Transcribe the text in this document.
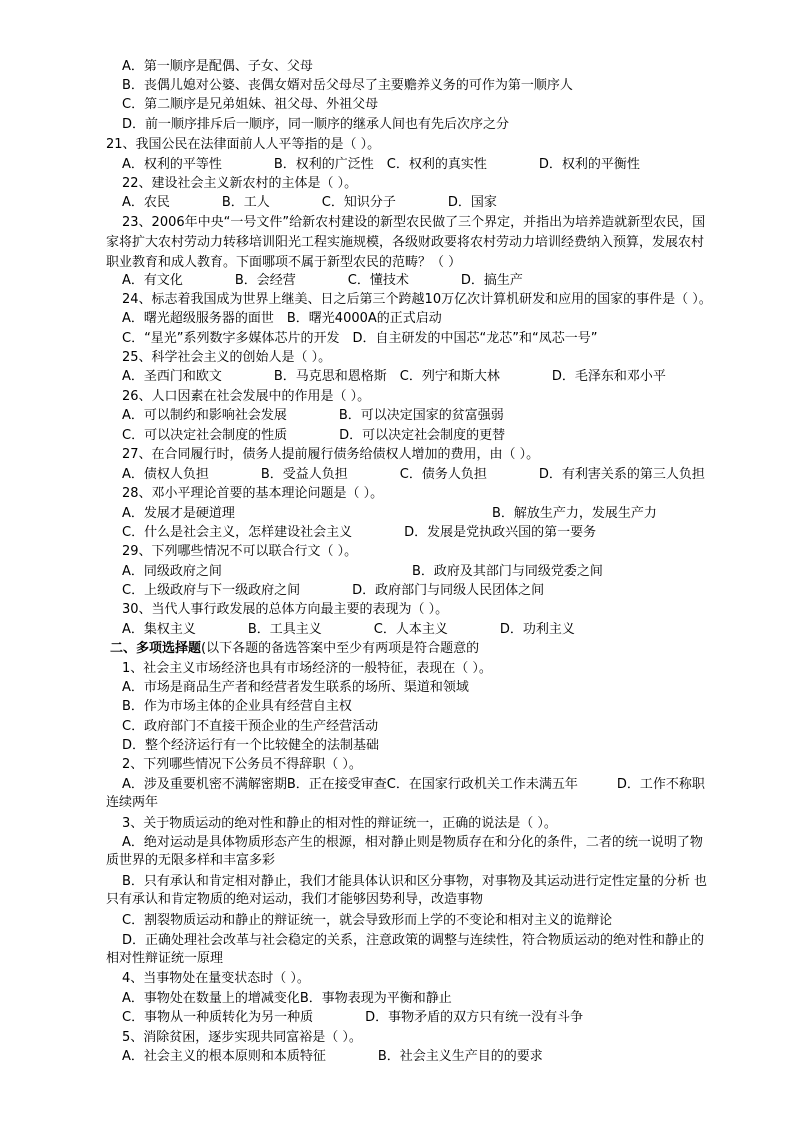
A．第一顺序是配偶、子女、父母
B．丧偶儿媳对公婆、丧偶女婿对岳父母尽了主要赡养义务的可作为第一顺序人
C．第二顺序是兄弟姐妹、祖父母、外祖父母
D．前一顺序排斥后一顺序，同一顺序的继承人间也有先后次序之分
21、我国公民在法律面前人人平等指的是（ ）。
A．权利的平等性　　　　B．权利的广泛性　C．权利的真实性　　　　D．权利的平衡性
22、建设社会主义新农村的主体是（ ）。
A．农民　　　　B．工人　　　　C．知识分子　　　　D．国家
23、2006年中央“一号文件”给新农村建设的新型农民做了三个界定，并指出为培养造就新型农民，国家将扩大农村劳动力转移培训阳光工程实施规模，各级财政要将农村劳动力培训经费纳入预算，发展农村职业教育和成人教育。下面哪项不属于新型农民的范畴？（ ）
A．有文化　　　　B．会经营　　　　C．懂技术　　　　D．搞生产
24、标志着我国成为世界上继美、日之后第三个跨越10万亿次计算机研发和应用的国家的事件是（ ）。
A．曙光超级服务器的面世　B．曙光4000A的正式启动
C．“星光”系列数字多媒体芯片的开发　D．自主研发的中国芯“龙芯”和“凤芯一号”
25、科学社会主义的创始人是（ ）。
A．圣西门和欧文　　　　B．马克思和恩格斯　C．列宁和斯大林　　　　D．毛泽东和邓小平
26、人口因素在社会发展中的作用是（ ）。
A．可以制约和影响社会发展　　　　B．可以决定国家的贫富强弱
C．可以决定社会制度的性质　　　　D．可以决定社会制度的更替
27、在合同履行时，债务人提前履行债务给债权人增加的费用，由（ ）。
A．债权人负担　　　　B．受益人负担　　　　C．债务人负担　　　　D．有利害关系的第三人负担
28、邓小平理论首要的基本理论问题是（ ）。
A．发展才是硬道理	B．解放生产力，发展生产力
C．什么是社会主义，怎样建设社会主义　　　　D．发展是党执政兴国的第一要务
29、下列哪些情况不可以联合行文（ ）。
A．同级政府之间	B．政府及其部门与同级党委之间
C．上级政府与下一级政府之间　　　　D．政府部门与同级人民团体之间
30、当代人事行政发展的总体方向最主要的表现为（ ）。
A．集权主义　　　　B．工具主义　　　　C．人本主义　　　　D．功利主义
二、多项选择题(以下各题的备选答案中至少有两项是符合题意的
1、社会主义市场经济也具有市场经济的一般特征，表现在（ ）。
A．市场是商品生产者和经营者发生联系的场所、渠道和领域
B．作为市场主体的企业具有经营自主权
C．政府部门不直接干预企业的生产经营活动
D．整个经济运行有一个比较健全的法制基础
2、下列哪些情况下公务员不得辞职（ ）。
A．涉及重要机密不满解密期B．正在接受审查C．在国家行政机关工作未满五年　　　D．工作不称职连续两年
3、关于物质运动的绝对性和静止的相对性的辩证统一，正确的说法是（ ）。
A．绝对运动是具体物质形态产生的根源，相对静止则是物质存在和分化的条件，二者的统一说明了物质世界的无限多样和丰富多彩
B．只有承认和肯定相对静止，我们才能具体认识和区分事物，对事物及其运动进行定性定量的分析 也只有承认和肯定物质的绝对运动，我们才能够因势利导，改造事物
C．割裂物质运动和静止的辩证统一，就会导致形而上学的不变论和相对主义的诡辩论
D．正确处理社会改革与社会稳定的关系，注意政策的调整与连续性，符合物质运动的绝对性和静止的相对性辩证统一原理
4、当事物处在量变状态时（ ）。
A．事物处在数量上的增减变化B．事物表现为平衡和静止
C．事物从一种质转化为另一种质　　　　D．事物矛盾的双方只有统一没有斗争
5、消除贫困，逐步实现共同富裕是（ ）。
A．社会主义的根本原则和本质特征　　　　B．社会主义生产目的的要求
